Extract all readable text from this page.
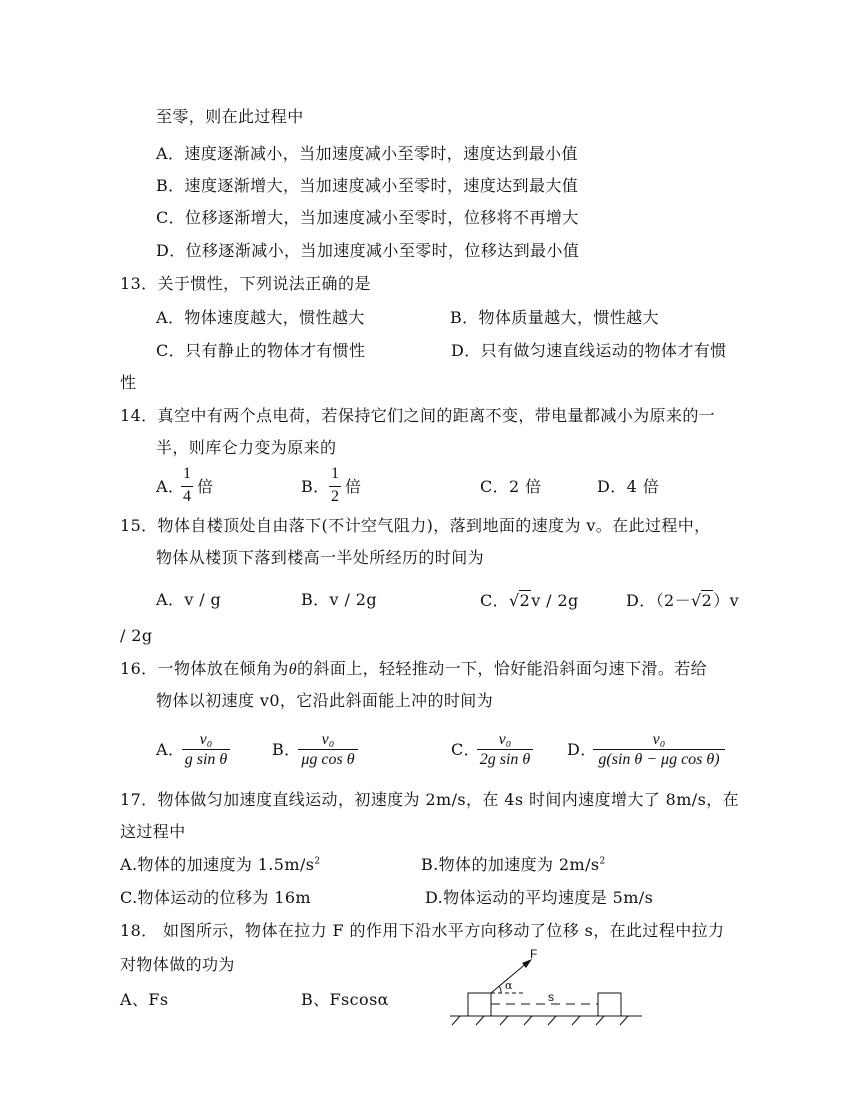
至零，则在此过程中
A．速度逐渐减小，当加速度减小至零时，速度达到最小值
B．速度逐渐增大，当加速度减小至零时，速度达到最大值
C．位移逐渐增大，当加速度减小至零时，位移将不再增大
D．位移逐渐减小，当加速度减小至零时，位移达到最小值
13．关于惯性，下列说法正确的是
A．物体速度越大，惯性越大	B．物体质量越大，惯性越大
C．只有静止的物体才有惯性	D．只有做匀速直线运动的物体才有惯
性
14．真空中有两个点电荷，若保持它们之间的距离不变，带电量都减小为原来的一
半，则库仑力变为原来的
A．
1
4
倍	B．
1
2
倍	C．2 倍	D．4 倍
15．物体自楼顶处自由落下(不计空气阻力)，落到地面的速度为 v。在此过程中，
物体从楼顶下落到楼高一半处所经历的时间为
A．v / g	B．v / 2g	C．√2v / 2g	D．（2－√2）v
/ 2g
16．一物体放在倾角为θ的斜面上，轻轻推动一下，恰好能沿斜面匀速下滑。若给
物体以初速度 v0，它沿此斜面能上冲的时间为
A．
v₀
g sin θ
B．
v₀
μg cos θ
C．
v₀
2g sin θ
D．
v₀
g(sin θ − μg cos θ)
17．物体做匀加速度直线运动，初速度为 2m/s，在 4s 时间内速度增大了 8m/s，在
这过程中
A.物体的加速度为 $1.5m/s^2$	B.物体的加速度为 $2m/s^2$
C.物体运动的位移为 16m	D.物体运动的平均速度是 5m/s
18． 如图所示，物体在拉力 F 的作用下沿水平方向移动了位移 s，在此过程中拉力
对物体做的功为
A、Fs	B、Fscosα
F
α
s
